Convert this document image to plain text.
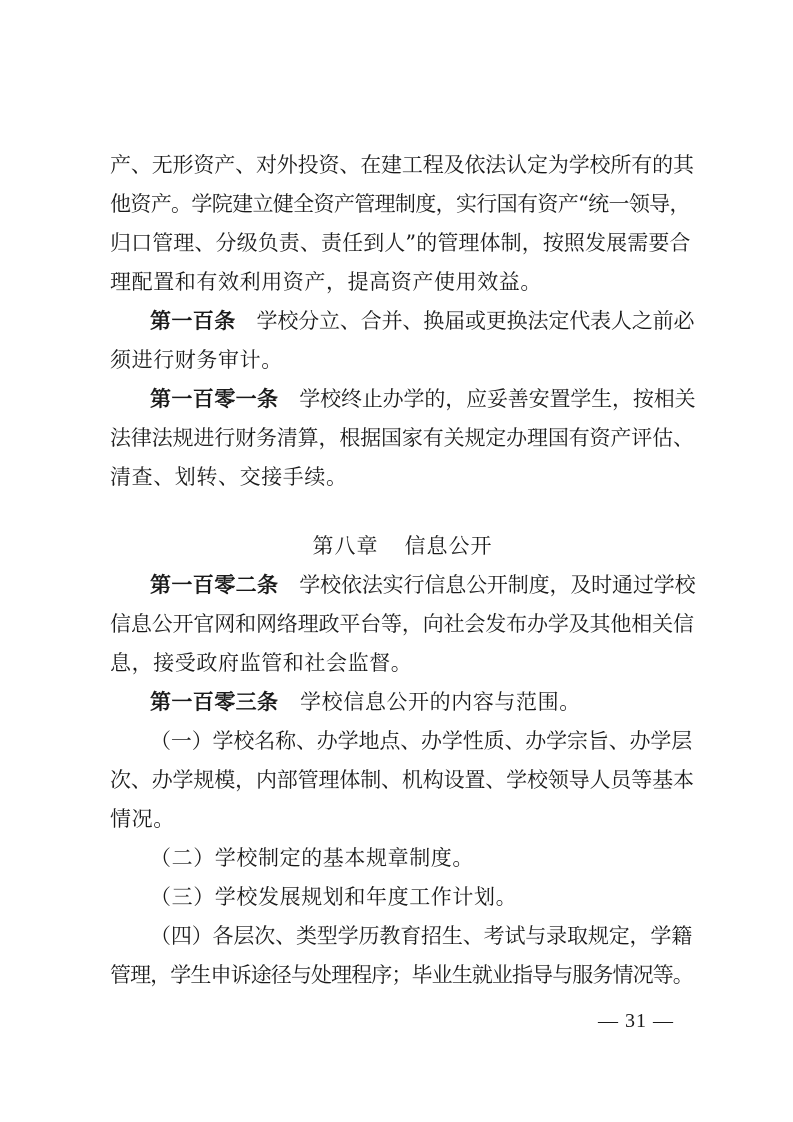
产、无形资产、对外投资、在建工程及依法认定为学校所有的其
他资产。学院建立健全资产管理制度，实行国有资产“统一领导，
归口管理、分级负责、责任到人”的管理体制，按照发展需要合
理配置和有效利用资产，提高资产使用效益。
第一百条  学校分立、合并、换届或更换法定代表人之前必
须进行财务审计。
第一百零一条  学校终止办学的，应妥善安置学生，按相关
法律法规进行财务清算，根据国家有关规定办理国有资产评估、
清查、划转、交接手续。
第八章 信息公开
第一百零二条  学校依法实行信息公开制度，及时通过学校
信息公开官网和网络理政平台等，向社会发布办学及其他相关信
息，接受政府监管和社会监督。
第一百零三条  学校信息公开的内容与范围。
（一）学校名称、办学地点、办学性质、办学宗旨、办学层
次、办学规模，内部管理体制、机构设置、学校领导人员等基本
情况。
（二）学校制定的基本规章制度。
（三）学校发展规划和年度工作计划。
（四）各层次、类型学历教育招生、考试与录取规定，学籍
管理，学生申诉途径与处理程序；毕业生就业指导与服务情况等。
— 31 —
